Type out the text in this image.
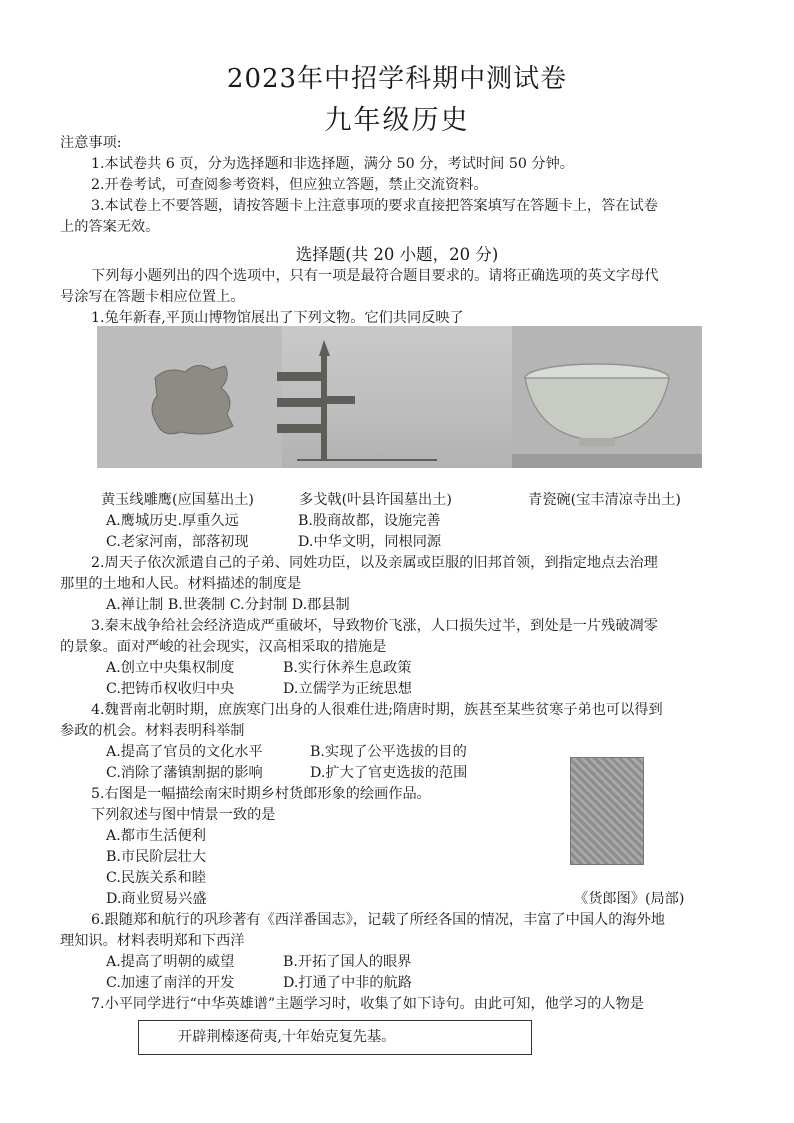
2023年中招学科期中测试卷
九年级历史
注意事项:
1.本试卷共 6 页，分为选择题和非选择题，满分 50 分，考试时间 50 分钟。
2.开卷考试，可查阅参考资料，但应独立答题，禁止交流资料。
3.本试卷上不要答题，请按答题卡上注意事项的要求直接把答案填写在答题卡上，答在试卷
上的答案无效。
选择题(共 20 小题，20 分)
下列每小题列出的四个选项中，只有一项是最符合题目要求的。请将正确选项的英文字母代
号涂写在答题卡相应位置上。
1.兔年新春,平顶山博物馆展出了下列文物。它们共同反映了
黄玉线雕鹰(应国墓出土)	多戈戟(叶县许国墓出土)	青瓷碗(宝丰清凉寺出土)
A.鹰城历史.厚重久远	B.股商故都，设施完善
C.老家河南，部落初现	D.中华文明，同根同源
2.周天子依次派遣自己的子弟、同姓功臣，以及亲属或臣服的旧邦首领，到指定地点去治理
那里的土地和人民。材料描述的制度是
A.禅让制 B.世袭制 C.分封制 D.郡县制
3.秦末战争给社会经济造成严重破坏，导致物价飞涨，人口损失过半，到处是一片残破凋零
的景象。面对严峻的社会现实，汉高相采取的措施是
A.创立中央集权制度	B.实行休养生息政策
C.把铸币权收归中央	D.立儒学为正统思想
4.魏晋南北朝时期，庶族寒门出身的人很难仕进;隋唐时期，族甚至某些贫寒子弟也可以得到
参政的机会。材料表明科举制
A.提高了官员的文化水平	B.实现了公平选拔的目的
C.消除了藩镇割据的影响	D.扩大了官吏选拔的范围
5.右图是一幅描绘南宋时期乡村货郎形象的绘画作品。
下列叙述与图中情景一致的是
A.都市生活便利
B.市民阶层壮大
C.民族关系和睦
D.商业贸易兴盛	《货郎图》(局部)
6.跟随郑和航行的巩珍著有《西洋番国志》，记载了所经各国的情况，丰富了中国人的海外地
理知识。材料表明郑和下西洋
A.提高了明朝的威望	B.开拓了国人的眼界
C.加速了南洋的开发	D.打通了中非的航路
7.小平同学进行“中华英雄谱”主题学习时，收集了如下诗句。由此可知，他学习的人物是
开辟荆榛逐荷夷,十年始克复先基。
